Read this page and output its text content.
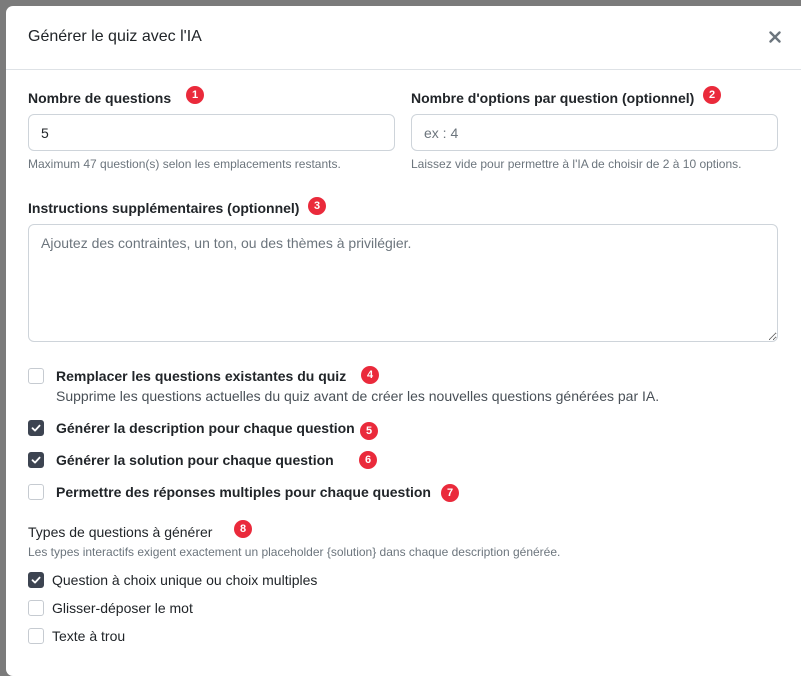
Générer le quiz avec l'IA
Nombre de questions	1
5
Maximum 47 question(s) selon les emplacements restants.
Nombre d'options par question (optionnel)	2
ex : 4
Laissez vide pour permettre à l'IA de choisir de 2 à 10 options.
Instructions supplémentaires (optionnel)	3
Ajoutez des contraintes, un ton, ou des thèmes à privilégier.
Remplacer les questions existantes du quiz	4
Supprime les questions actuelles du quiz avant de créer les nouvelles questions générées par IA.
Générer la description pour chaque question	5
Générer la solution pour chaque question	6
Permettre des réponses multiples pour chaque question	7
Types de questions à générer	8
Les types interactifs exigent exactement un placeholder {solution} dans chaque description générée.
Question à choix unique ou choix multiples
Glisser-déposer le mot
Texte à trou
